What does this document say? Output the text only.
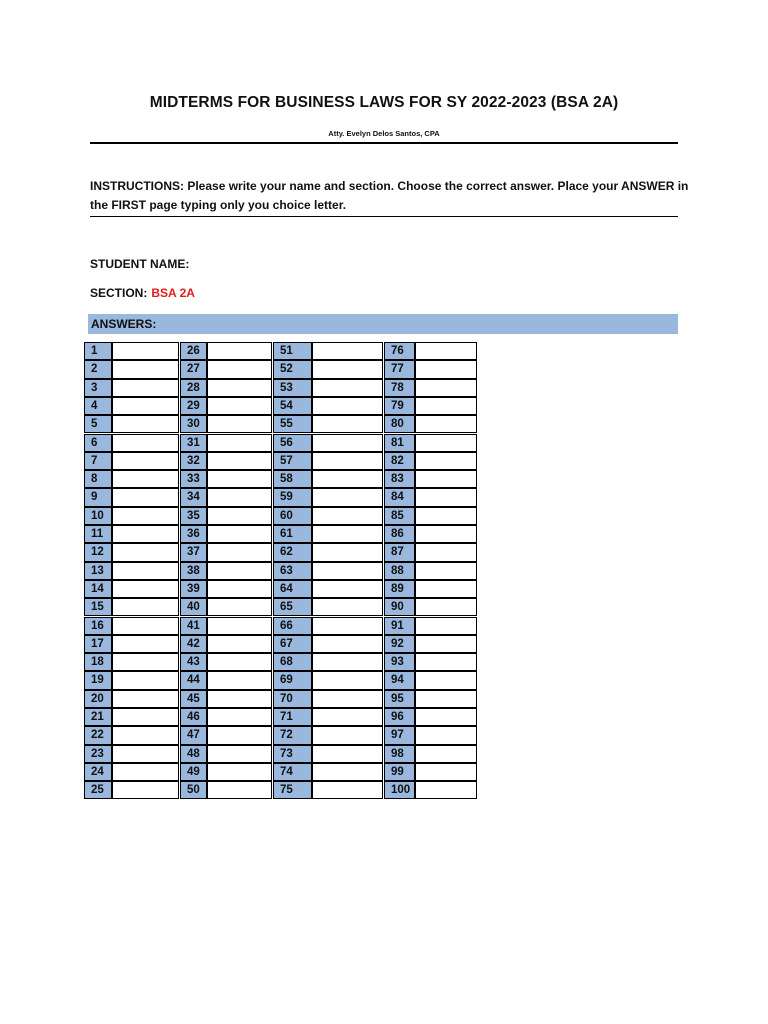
MIDTERMS FOR BUSINESS LAWS FOR SY 2022-2023 (BSA 2A)
Atty. Evelyn Delos Santos, CPA
INSTRUCTIONS: Please write your name and section. Choose the correct answer. Place your ANSWER in the FIRST page typing only you choice letter.
STUDENT NAME:
SECTION: BSA 2A
ANSWERS:
1
2
3
4
5
6
7
8
9
10
11
12
13
14
15
16
17
18
19
20
21
22
23
24
25
26
27
28
29
30
31
32
33
34
35
36
37
38
39
40
41
42
43
44
45
46
47
48
49
50
51
52
53
54
55
56
57
58
59
60
61
62
63
64
65
66
67
68
69
70
71
72
73
74
75
76
77
78
79
80
81
82
83
84
85
86
87
88
89
90
91
92
93
94
95
96
97
98
99
100
